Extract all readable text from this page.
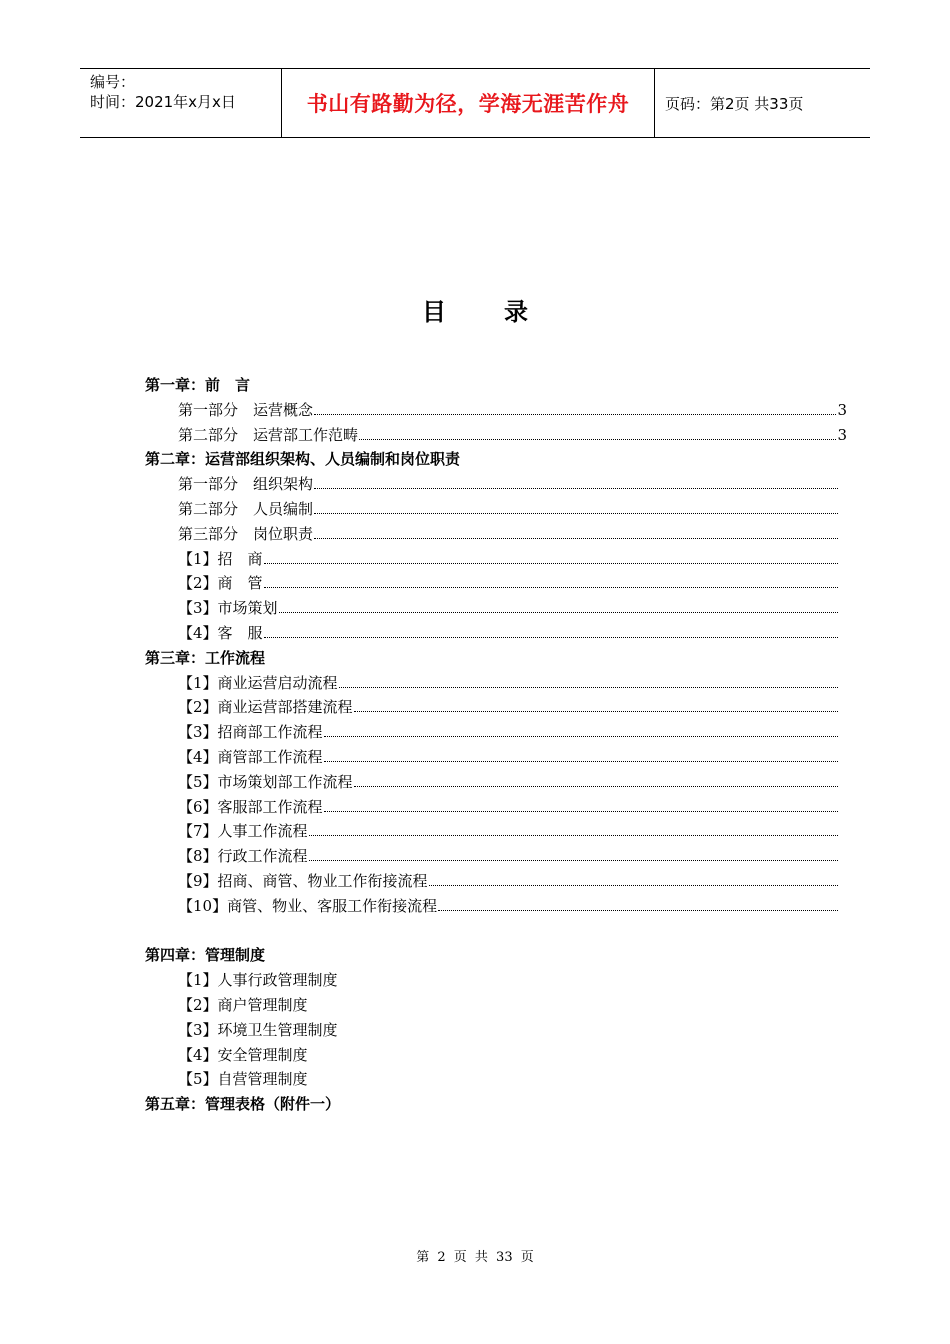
编号：
时间：2021年x月x日	书山有路勤为径，学海无涯苦作舟	页码：第2页 共33页
目录
第一章：前　言
第一部分　运营概念	3
第二部分　运营部工作范畴	3
第二章：运营部组织架构、人员编制和岗位职责
第一部分　组织架构
第二部分　人员编制
第三部分　岗位职责
【1】招　商
【2】商　管
【3】市场策划
【4】客　服
第三章：工作流程
【1】商业运营启动流程
【2】商业运营部搭建流程
【3】招商部工作流程
【4】商管部工作流程
【5】市场策划部工作流程
【6】客服部工作流程
【7】人事工作流程
【8】行政工作流程
【9】招商、商管、物业工作衔接流程
【10】商管、物业、客服工作衔接流程
第四章：管理制度
【1】人事行政管理制度
【2】商户管理制度
【3】环境卫生管理制度
【4】安全管理制度
【5】自营管理制度
第五章：管理表格（附件一）
第 2 页 共 33 页
